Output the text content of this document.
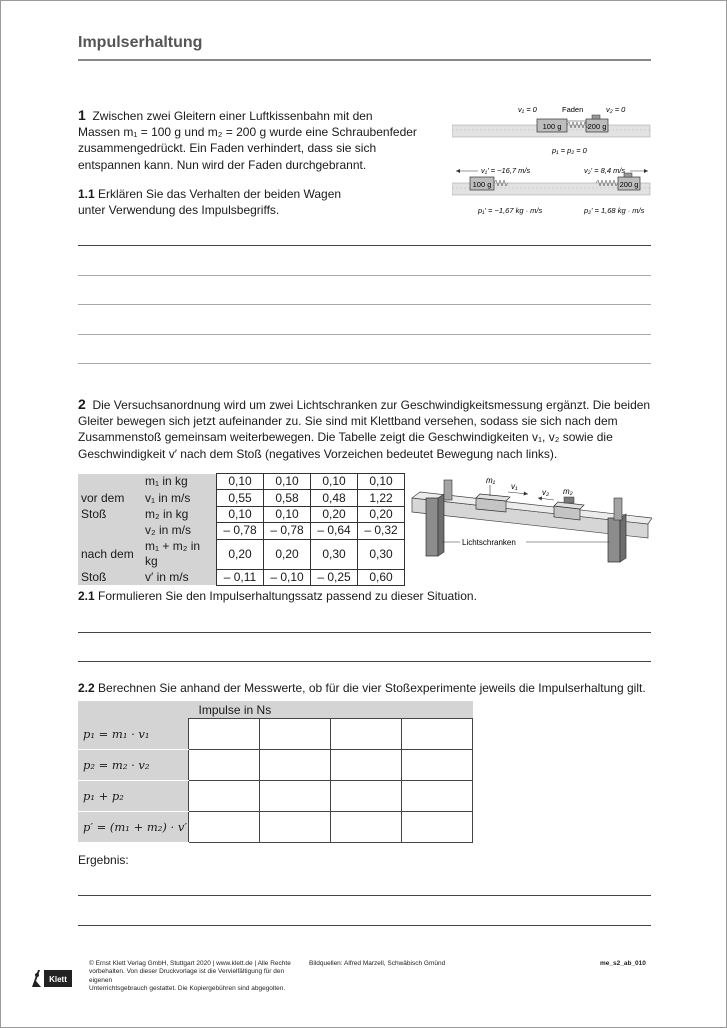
Impulserhaltung
1 Zwischen zwei Gleitern einer Luftkissenbahn mit den
Massen m₁ = 100 g und m₂ = 200 g wurde eine Schraubenfeder
zusammengedrückt. Ein Faden verhindert, dass sie sich
entspannen kann. Nun wird der Faden durchgebrannt.
1.1 Erklären Sie das Verhalten der beiden Wagen
unter Verwendung des Impulsbegriffs.
100 g	200 g
v₁ = 0	Faden	v₂ = 0
p₁ = p₂ = 0
100 g	200 g
v₁' = −16,7 m/s	v₂' = 8,4 m/s
p₁' = −1,67 kg · m/s	p₂' = 1,68 kg · m/s
2 Die Versuchsanordnung wird um zwei Lichtschranken zur Geschwindigkeitsmessung ergänzt. Die beiden
Gleiter bewegen sich jetzt aufeinander zu. Sie sind mit Klettband versehen, sodass sie sich nach dem
Zusammenstoß gemeinsam weiterbewegen. Die Tabelle zeigt die Geschwindigkeiten v₁, v₂ sowie die
Geschwindigkeit v′ nach dem Stoß (negatives Vorzeichen bedeutet Bewegung nach links).
	m₁ in kg	0,10	0,10	0,10	0,10
vor dem	v₁ in m/s	0,55	0,58	0,48	1,22
Stoß	m₂ in kg	0,10	0,10	0,20	0,20
	v₂ in m/s	– 0,78	– 0,78	– 0,64	– 0,32
nach dem	m₁ + m₂ in kg	0,20	0,20	0,30	0,30
Stoß	v′ in m/s	– 0,11	– 0,10	– 0,25	0,60
m₁
m₂
v₁
v₂
Lichtschranken
2.1 Formulieren Sie den Impulserhaltungssatz passend zu dieser Situation.
2.2 Berechnen Sie anhand der Messwerte, ob für die vier Stoßexperimente jeweils die Impulserhaltung gilt.
	Impulse in Ns			
p₁ = m₁ · v₁				
p₂ = m₂ · v₂				
p₁ + p₂				
p′ = (m₁ + m₂) · v′				
Ergebnis:
Klett
© Ernst Klett Verlag GmbH, Stuttgart 2020 | www.klett.de | Alle Rechte
vorbehalten. Von dieser Druckvorlage ist die Vervielfältigung für den eigenen
Unterrichtsgebrauch gestattet. Die Kopiergebühren sind abgegolten.
Bildquellen: Alfred Marzell, Schwäbisch Gmünd	me_s2_ab_010
